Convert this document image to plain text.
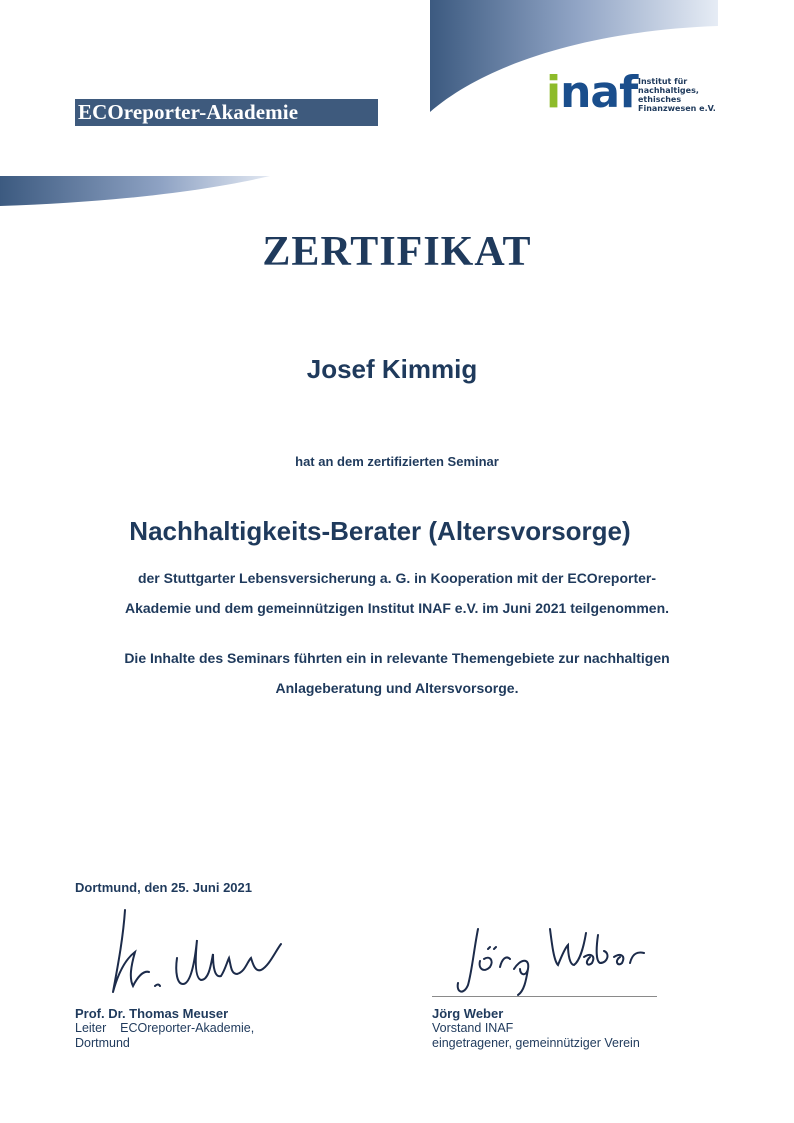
ECOreporter-Akademie	inaf Institut für
nachhaltiges,
ethisches
Finanzwesen e.V.
ZERTIFIKAT
Josef Kimmig
hat an dem zertifizierten Seminar
Nachhaltigkeits-Berater (Altersvorsorge)
der Stuttgarter Lebensversicherung a. G. in Kooperation mit der ECOreporter-
Akademie und dem gemeinnützigen Institut INAF e.V. im Juni 2021 teilgenommen.
Die Inhalte des Seminars führten ein in relevante Themengebiete zur nachhaltigen
Anlageberatung und Altersvorsorge.
Dortmund, den 25. Juni 2021
Prof. Dr. Thomas Meuser
Leiter    ECOreporter-Akademie,
Dortmund
Jörg Weber
Vorstand INAF
eingetragener, gemeinnütziger Verein
